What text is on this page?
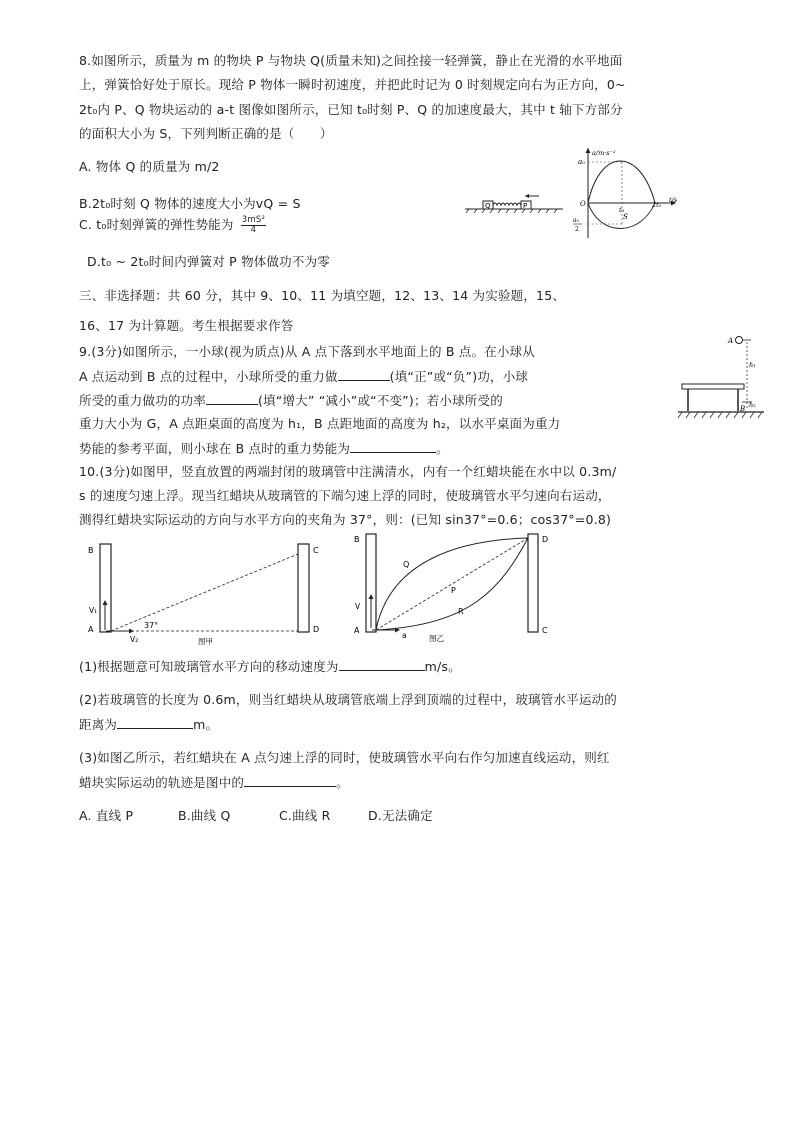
8.如图所示，质量为 m 的物块 P 与物块 Q(质量未知)之间拴接一轻弹簧，静止在光滑的水平地面
上，弹簧恰好处于原长。现给 P 物体一瞬时初速度，并把此时记为 0 时刻规定向右为正方向，0~
2t₀内 P、Q 物块运动的 a-t 图像如图所示，已知 t₀时刻 P、Q 的加速度最大，其中 t 轴下方部分
的面积大小为 S，下列判断正确的是（　　）
A. 物体 Q 的质量为 m/2
B.2t₀时刻 Q 物体的速度大小为vQ = S
C. t₀时刻弹簧的弹性势能为 $\frac{\text{3mS²}}{4}$
D.t₀ ~ 2t₀时间内弹簧对 P 物体做功不为零
Q	P
a/m·s⁻²
a₀
O
t₀
2t₀
t/s
S
a₀
2
三、非选择题：共 60 分，其中 9、10、11 为填空题，12、13、14 为实验题，15、
16、17 为计算题。考生根据要求作答
9.(3分)如图所示，一小球(视为质点)从 A 点下落到水平地面上的 B 点。在小球从
A 点运动到 B 点的过程中，小球所受的重力做	(填“正”或“负”)功，小球
所受的重力做功的功率	(填“增大” “减小”或“不变”)；若小球所受的
重力大小为 G，A 点距桌面的高度为 h₁，B 点距地面的高度为 h₂，以水平桌面为重力
势能的参考平面，则小球在 B 点时的重力势能为	。
A
h₁
h₂
B
10.(3分)如图甲，竖直放置的两端封闭的玻璃管中注满清水，内有一个红蜡块能在水中以 0.3m/
s 的速度匀速上浮。现当红蜡块从玻璃管的下端匀速上浮的同时，使玻璃管水平匀速向右运动，
测得红蜡块实际运动的方向与水平方向的夹角为 37°，则：(已知 sin37°=0.6；cos37°=0.8)
B	C
A	D
V₁
V₂
37°
图甲
B	D
A	C
V
a
Q
P
R
图乙
(1)根据题意可知玻璃管水平方向的移动速度为	m/s。
(2)若玻璃管的长度为 0.6m，则当红蜡块从玻璃管底端上浮到顶端的过程中，玻璃管水平运动的
距离为	m。
(3)如图乙所示，若红蜡块在 A 点匀速上浮的同时，使玻璃管水平向右作匀加速直线运动，则红
蜡块实际运动的轨迹是图中的	。
A. 直线 P	B.曲线 Q	C.曲线 R	D.无法确定
